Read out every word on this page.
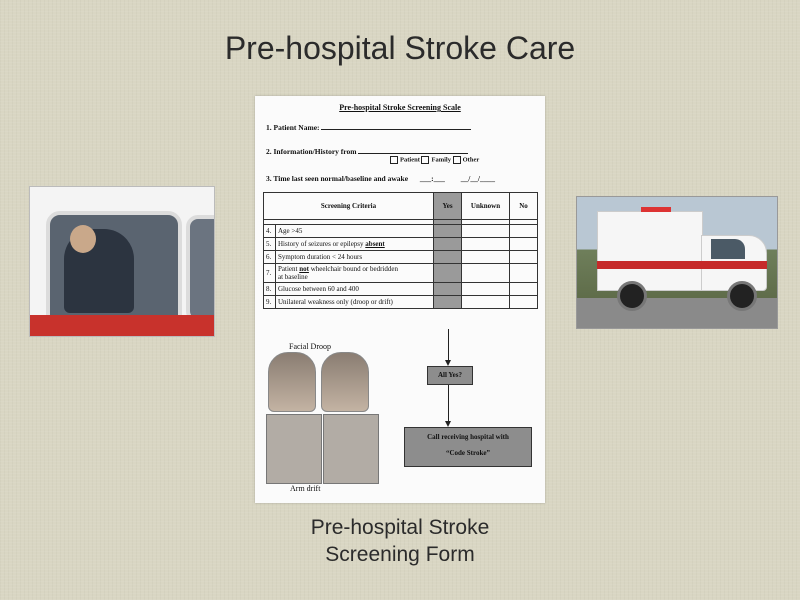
Pre-hospital Stroke Care
Pre-hospital Stroke Screening Scale
1. Patient Name:
2. Information/History from
Patient Family Other
3. Time last seen normal/baseline and awake ___:___ __/__/____
Screening Criteria		Yes	Unknown	No

4.	Age >45			
5.	History of seizures or epilepsy absent			
6.	Symptom duration < 24 hours			
7.	Patient not wheelchair bound or bedridden
at baseline			
8.	Glucose between 60 and 400			
9.	Unilateral weakness only (droop or drift)			
Facial Droop
Arm drift
All Yes?
Call receiving hospital with
“Code Stroke”
Pre-hospital Stroke
Screening Form
